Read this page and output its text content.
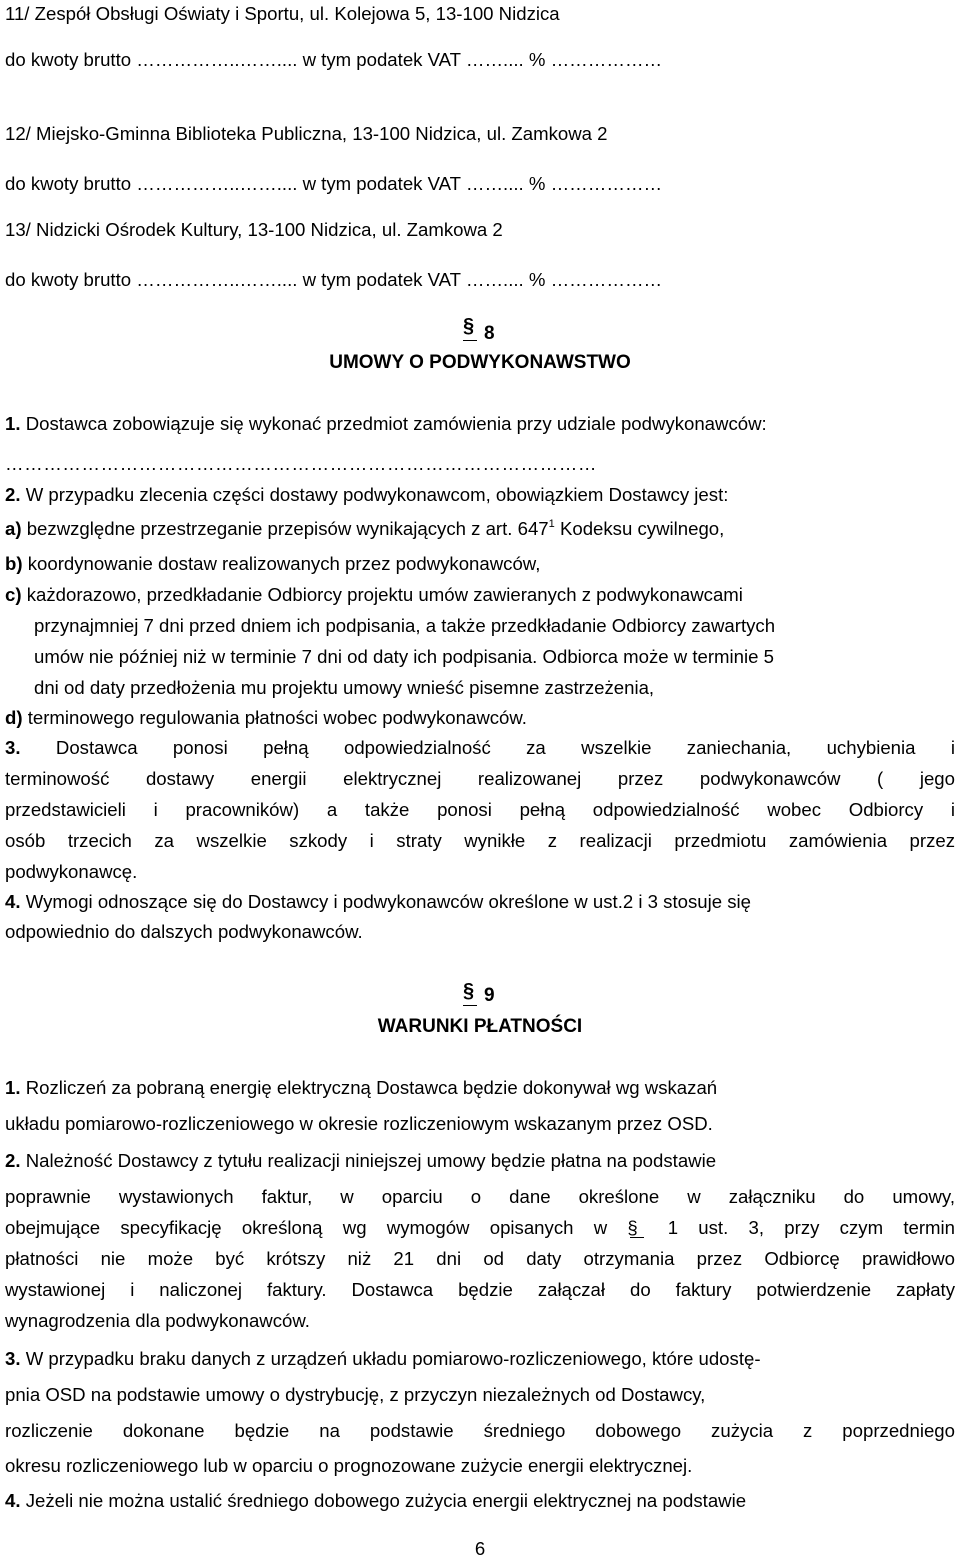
11/ Zespół Obsługi Oświaty i Sportu, ul. Kolejowa 5, 13-100 Nidzica
do kwoty brutto ……………..…….... w tym podatek VAT …….... % ………………
12/ Miejsko-Gminna Biblioteka Publiczna, 13-100 Nidzica, ul. Zamkowa 2
do kwoty brutto ……………..…….... w tym podatek VAT …….... % ………………
13/ Nidzicki Ośrodek Kultury, 13-100 Nidzica, ul. Zamkowa 2
do kwoty brutto ……………..…….... w tym podatek VAT …….... % ………………
§ 8
UMOWY O PODWYKONAWSTWO
1. Dostawca zobowiązuje się wykonać przedmiot zamówienia przy udziale podwykonawców:
…………………………………………………………………………………
2. W przypadku zlecenia części dostawy podwykonawcom, obowiązkiem Dostawcy jest:
a) bezwzględne przestrzeganie przepisów wynikających z art. $647^1$ Kodeksu cywilnego,
b) koordynowanie dostaw realizowanych przez podwykonawców,
c) każdorazowo, przedkładanie Odbiorcy projektu umów zawieranych z podwykonawcami
przynajmniej 7 dni przed dniem ich podpisania, a także przedkładanie Odbiorcy zawartych
umów nie później niż w terminie 7 dni od daty ich podpisania. Odbiorca może w terminie 5
dni od daty przedłożenia mu projektu umowy wnieść pisemne zastrzeżenia,
d) terminowego regulowania płatności wobec podwykonawców.
3. Dostawca ponosi pełną odpowiedzialność za wszelkie zaniechania, uchybienia i
terminowość dostawy energii elektrycznej realizowanej przez podwykonawców ( jego
przedstawicieli i pracowników) a także ponosi pełną odpowiedzialność wobec Odbiorcy i
osób trzecich za wszelkie szkody i straty wynikłe z realizacji przedmiotu zamówienia przez
podwykonawcę.
4. Wymogi odnoszące się do Dostawcy i podwykonawców określone w ust.2 i 3 stosuje się
odpowiednio do dalszych podwykonawców.
§ 9
WARUNKI PŁATNOŚCI
1. Rozliczeń za pobraną energię elektryczną Dostawca będzie dokonywał wg wskazań
układu pomiarowo-rozliczeniowego w okresie rozliczeniowym wskazanym przez OSD.
2. Należność Dostawcy z tytułu realizacji niniejszej umowy będzie płatna na podstawie
poprawnie wystawionych faktur, w oparciu o dane określone w załączniku do umowy,
obejmujące specyfikację określoną wg wymogów opisanych w § 1 ust. 3, przy czym termin
płatności nie może być krótszy niż 21 dni od daty otrzymania przez Odbiorcę prawidłowo
wystawionej i naliczonej faktury. Dostawca będzie załączał do faktury potwierdzenie zapłaty
wynagrodzenia dla podwykonawców.
3. W przypadku braku danych z urządzeń układu pomiarowo-rozliczeniowego, które udostę-
pnia OSD na podstawie umowy o dystrybucję, z przyczyn niezależnych od Dostawcy,
rozliczenie dokonane będzie na podstawie średniego dobowego zużycia z poprzedniego
okresu rozliczeniowego lub w oparciu o prognozowane zużycie energii elektrycznej.
4. Jeżeli nie można ustalić średniego dobowego zużycia energii elektrycznej na podstawie
6
